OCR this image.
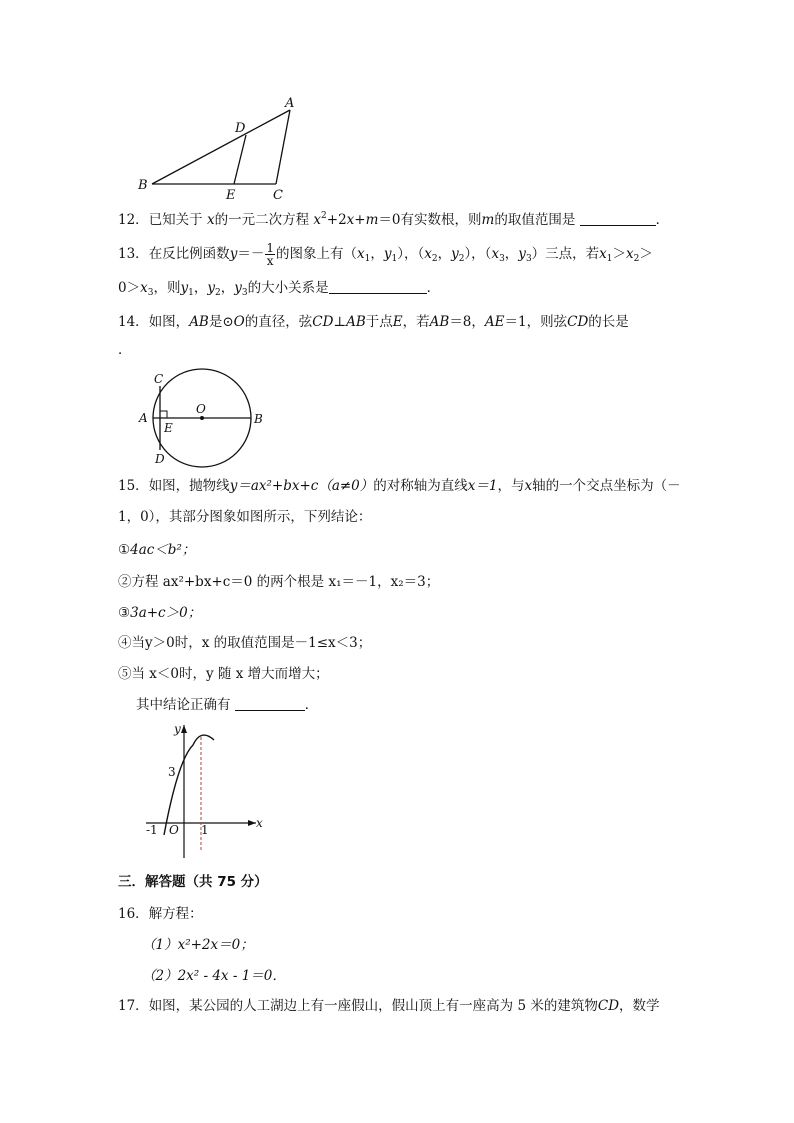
A
B
C
D
E
12．已知关于 x的一元二次方程 $x^2+2x+m=0$有实数根，则m的取值范围是	．
13．在反比例函数$y=- \frac{1}{x}$ 的图象上有（$x_1$，$y_1$），（$x_2$，$y_2$），（$x_3$，$y_3$）三点，若$x_1>x_2>$
$0>x_3$，则$y_1$，$y_2$，$y_3$的大小关系是	．
14．如图，AB是⊙O的直径，弦CD⊥AB于点E，若AB＝8，AE＝1，则弦CD的长是
．
C
A
O
B
E
D
15．如图，抛物线y＝ax²+bx+c（a≠0）的对称轴为直线x＝1，与x轴的一个交点坐标为（－
1，0），其部分图象如图所示，下列结论：
①4ac＜b²；
②方程 ax²+bx+c＝0 的两个根是 x₁＝－1，x₂＝3；
③3a+c＞0；
④当y＞0时，x 的取值范围是－1≤x＜3；
⑤当 x＜0时，y 随 x 增大而增大；
其中结论正确有	．
y
x
3
-1 O 1
三．解答题（共 75 分）
16．解方程：
（1）x²+2x＝0；
（2）2x² - 4x - 1＝0．
17．如图，某公园的人工湖边上有一座假山，假山顶上有一座高为 5 米的建筑物CD，数学
